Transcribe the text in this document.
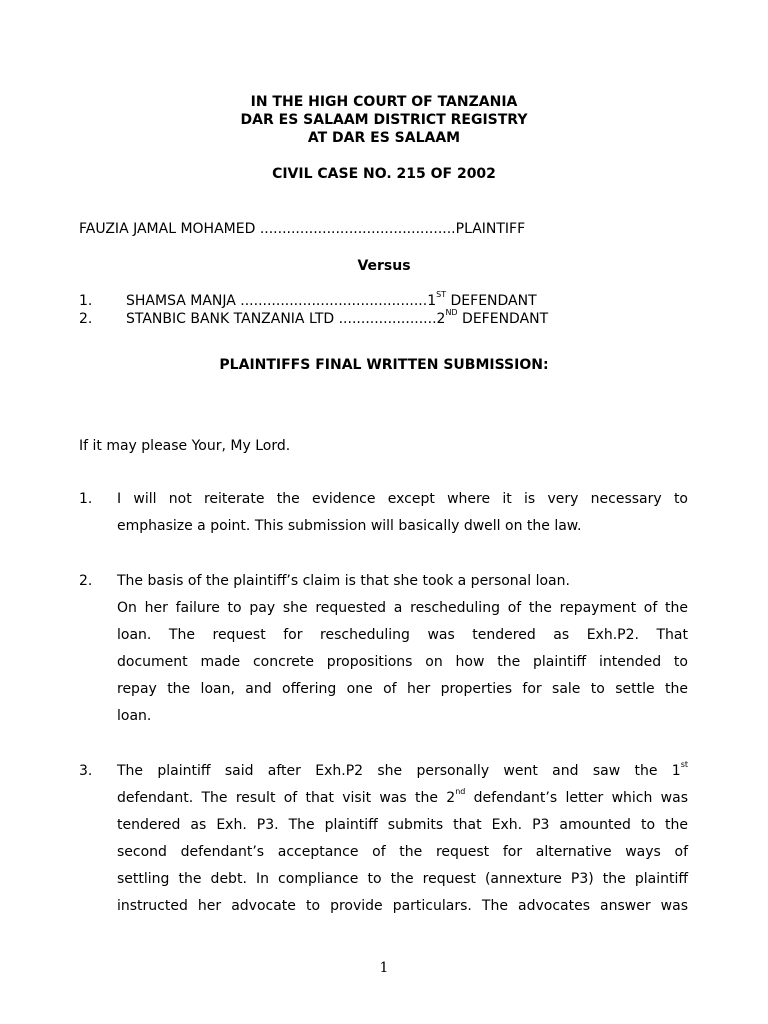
IN THE HIGH COURT OF TANZANIA
DAR ES SALAAM DISTRICT REGISTRY
AT DAR ES SALAAM
CIVIL CASE NO. 215 OF 2002
FAUZIA JAMAL MOHAMED ............................................PLAINTIFF
Versus
1. SHAMSA MANJA ..........................................1ST DEFENDANT
2. STANBIC BANK TANZANIA LTD ......................2ND DEFENDANT
PLAINTIFFS FINAL WRITTEN SUBMISSION:
If it may please Your, My Lord.
1. I will not reiterate the evidence except where it is very necessary to
emphasize a point. This submission will basically dwell on the law.
2. The basis of the plaintiff’s claim is that she took a personal loan.
On her failure to pay she requested a rescheduling of the repayment of the
loan. The request for rescheduling was tendered as Exh.P2. That
document made concrete propositions on how the plaintiff intended to
repay the loan, and offering one of her properties for sale to settle the
loan.
3. The plaintiff said after Exh.P2 she personally went and saw the 1st
defendant. The result of that visit was the 2nd defendant’s letter which was
tendered as Exh. P3. The plaintiff submits that Exh. P3 amounted to the
second defendant’s acceptance of the request for alternative ways of
settling the debt. In compliance to the request (annexture P3) the plaintiff
instructed her advocate to provide particulars. The advocates answer was
1
